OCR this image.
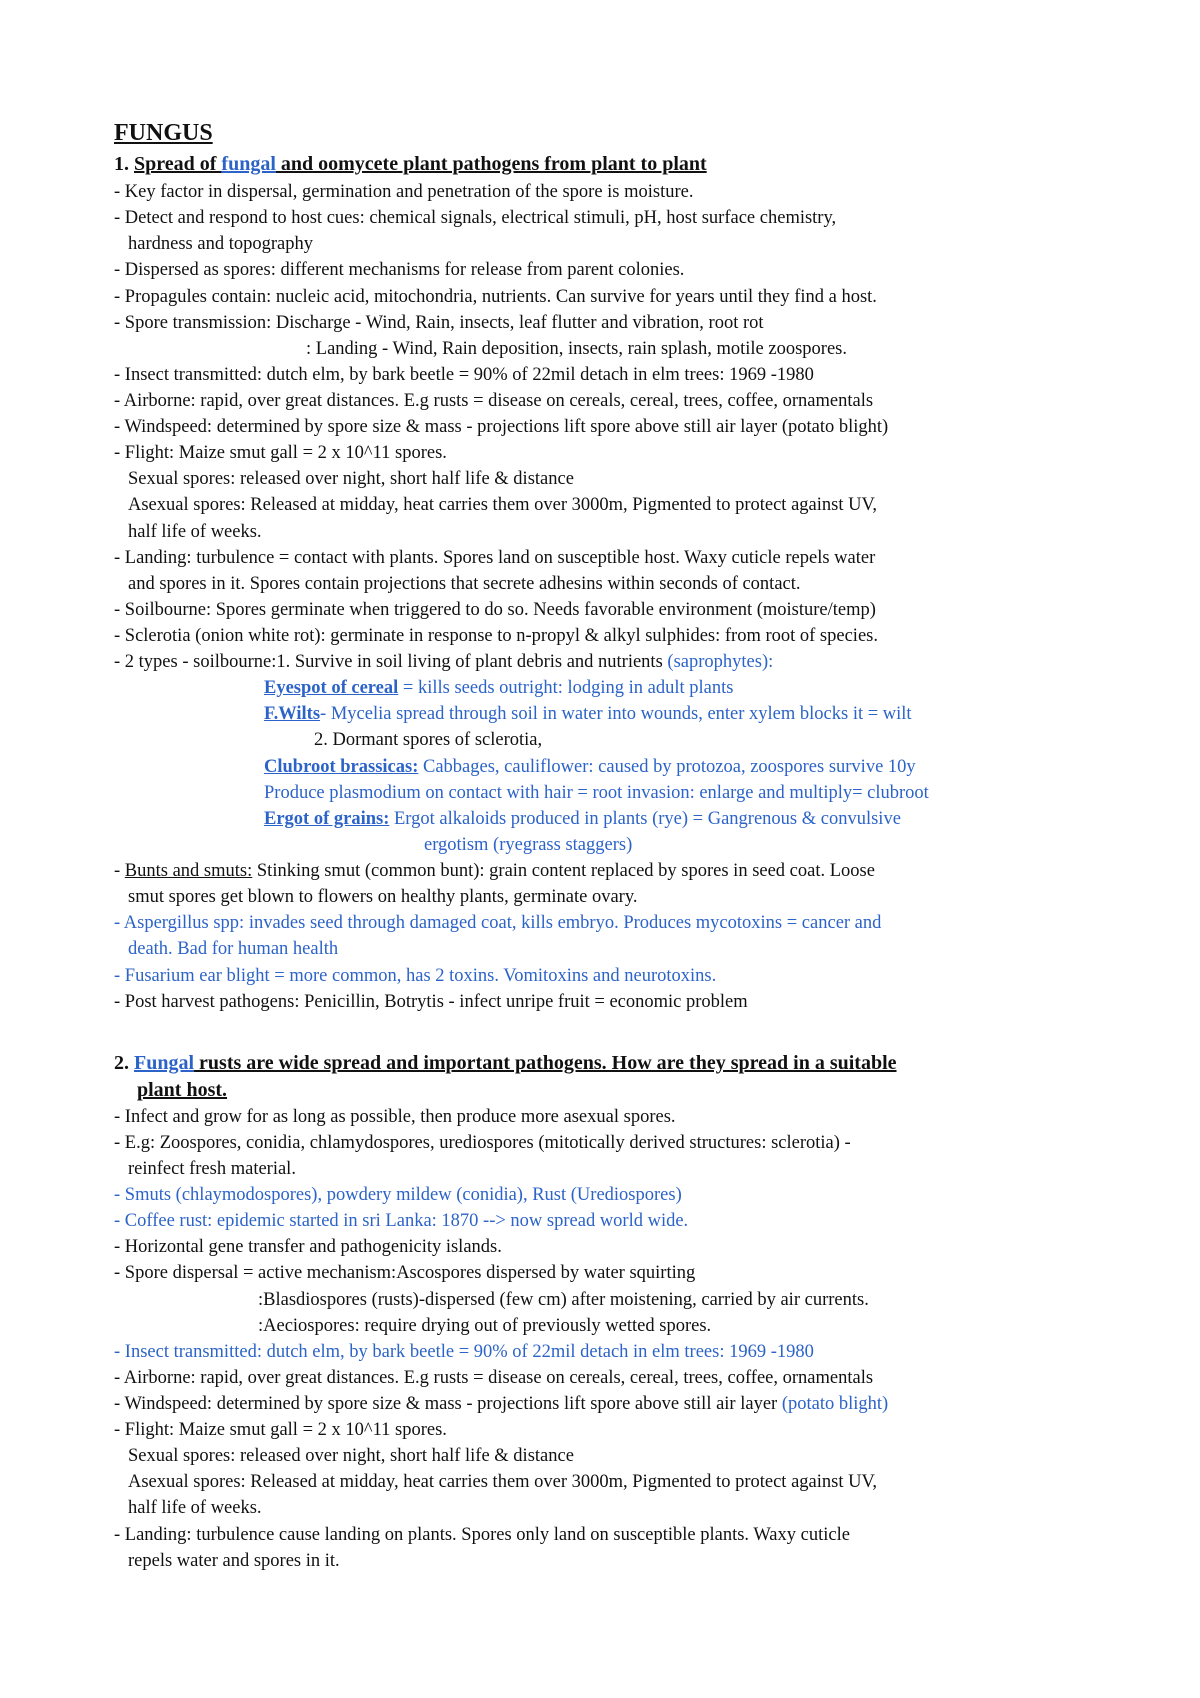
FUNGUS
1. Spread of fungal and oomycete plant pathogens from plant to plant
- Key factor in dispersal, germination and penetration of the spore is moisture.
- Detect and respond to host cues: chemical signals, electrical stimuli, pH, host surface chemistry,
hardness and topography
- Dispersed as spores: different mechanisms for release from parent colonies.
- Propagules contain: nucleic acid, mitochondria, nutrients. Can survive for years until they find a host.
- Spore transmission: Discharge - Wind, Rain, insects, leaf flutter and vibration, root rot
: Landing - Wind, Rain deposition, insects, rain splash, motile zoospores.
- Insect transmitted: dutch elm, by bark beetle = 90% of 22mil detach in elm trees: 1969 -1980
- Airborne: rapid, over great distances. E.g rusts = disease on cereals, cereal, trees, coffee, ornamentals
- Windspeed: determined by spore size & mass - projections lift spore above still air layer (potato blight)
- Flight: Maize smut gall = 2 x 10^11 spores.
Sexual spores: released over night, short half life & distance
Asexual spores: Released at midday, heat carries them over 3000m, Pigmented to protect against UV,
half life of weeks.
- Landing: turbulence = contact with plants. Spores land on susceptible host. Waxy cuticle repels water
and spores in it. Spores contain projections that secrete adhesins within seconds of contact.
- Soilbourne: Spores germinate when triggered to do so. Needs favorable environment (moisture/temp)
- Sclerotia (onion white rot): germinate in response to n-propyl & alkyl sulphides: from root of species.
- 2 types - soilbourne:1. Survive in soil living of plant debris and nutrients (saprophytes):
Eyespot of cereal = kills seeds outright: lodging in adult plants
F.Wilts- Mycelia spread through soil in water into wounds, enter xylem blocks it = wilt
2. Dormant spores of sclerotia,
Clubroot brassicas: Cabbages, cauliflower: caused by protozoa, zoospores survive 10y
Produce plasmodium on contact with hair = root invasion: enlarge and multiply= clubroot
Ergot of grains: Ergot alkaloids produced in plants (rye) = Gangrenous & convulsive
ergotism (ryegrass staggers)
- Bunts and smuts: Stinking smut (common bunt): grain content replaced by spores in seed coat. Loose
smut spores get blown to flowers on healthy plants, germinate ovary.
- Aspergillus spp: invades seed through damaged coat, kills embryo. Produces mycotoxins = cancer and
death. Bad for human health
- Fusarium ear blight = more common, has 2 toxins. Vomitoxins and neurotoxins.
- Post harvest pathogens: Penicillin, Botrytis - infect unripe fruit = economic problem
2. Fungal rusts are wide spread and important pathogens. How are they spread in a suitable
plant host.
- Infect and grow for as long as possible, then produce more asexual spores.
- E.g: Zoospores, conidia, chlamydospores, urediospores (mitotically derived structures: sclerotia) -
reinfect fresh material.
- Smuts (chlaymodospores), powdery mildew (conidia), Rust (Urediospores)
- Coffee rust: epidemic started in sri Lanka: 1870 --> now spread world wide.
- Horizontal gene transfer and pathogenicity islands.
- Spore dispersal = active mechanism:Ascospores dispersed by water squirting
:Blasdiospores (rusts)-dispersed (few cm) after moistening, carried by air currents.
:Aeciospores: require drying out of previously wetted spores.
- Insect transmitted: dutch elm, by bark beetle = 90% of 22mil detach in elm trees: 1969 -1980
- Airborne: rapid, over great distances. E.g rusts = disease on cereals, cereal, trees, coffee, ornamentals
- Windspeed: determined by spore size & mass - projections lift spore above still air layer (potato blight)
- Flight: Maize smut gall = 2 x 10^11 spores.
Sexual spores: released over night, short half life & distance
Asexual spores: Released at midday, heat carries them over 3000m, Pigmented to protect against UV,
half life of weeks.
- Landing: turbulence cause landing on plants. Spores only land on susceptible plants. Waxy cuticle
repels water and spores in it.
